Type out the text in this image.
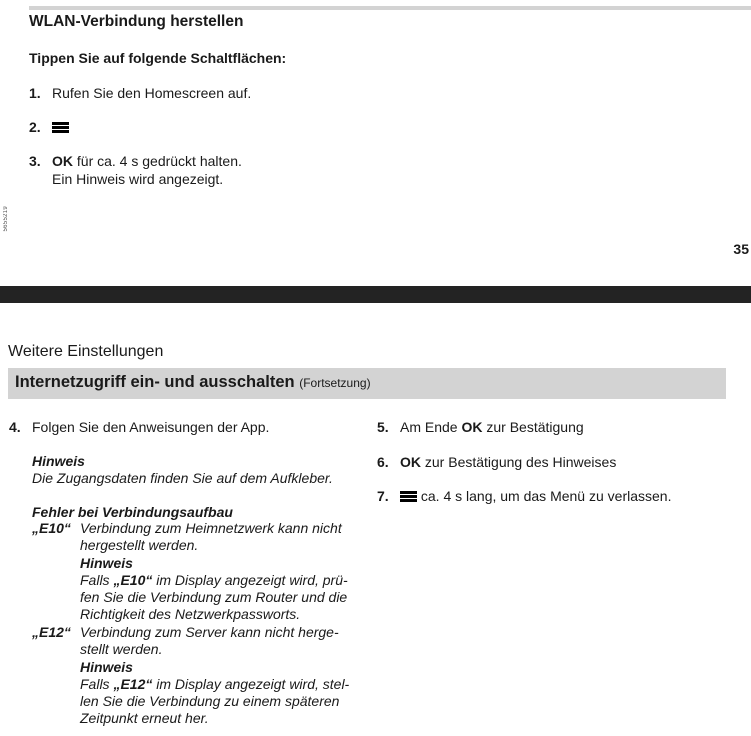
WLAN-Verbindung herstellen
Tippen Sie auf folgende Schaltflächen:
1. Rufen Sie den Homescreen auf.
2.
3. OK für ca. 4 s gedrückt halten.
Ein Hinweis wird angezeigt.
5655219
35
Weitere Einstellungen
Internetzugriff ein- und ausschalten (Fortsetzung)
4. Folgen Sie den Anweisungen der App.
Hinweis
Die Zugangsdaten finden Sie auf dem Aufkleber.
Fehler bei Verbindungsaufbau
„E10“ Verbindung zum Heimnetzwerk kann nicht
hergestellt werden.
Hinweis
Falls „E10“ im Display angezeigt wird, prü-
fen Sie die Verbindung zum Router und die
Richtigkeit des Netzwerkpassworts.
„E12“ Verbindung zum Server kann nicht herge-
stellt werden.
Hinweis
Falls „E12“ im Display angezeigt wird, stel-
len Sie die Verbindung zu einem späteren
Zeitpunkt erneut her.
5. Am Ende OK zur Bestätigung
6. OK zur Bestätigung des Hinweises
7.
ca. 4 s lang, um das Menü zu verlassen.
